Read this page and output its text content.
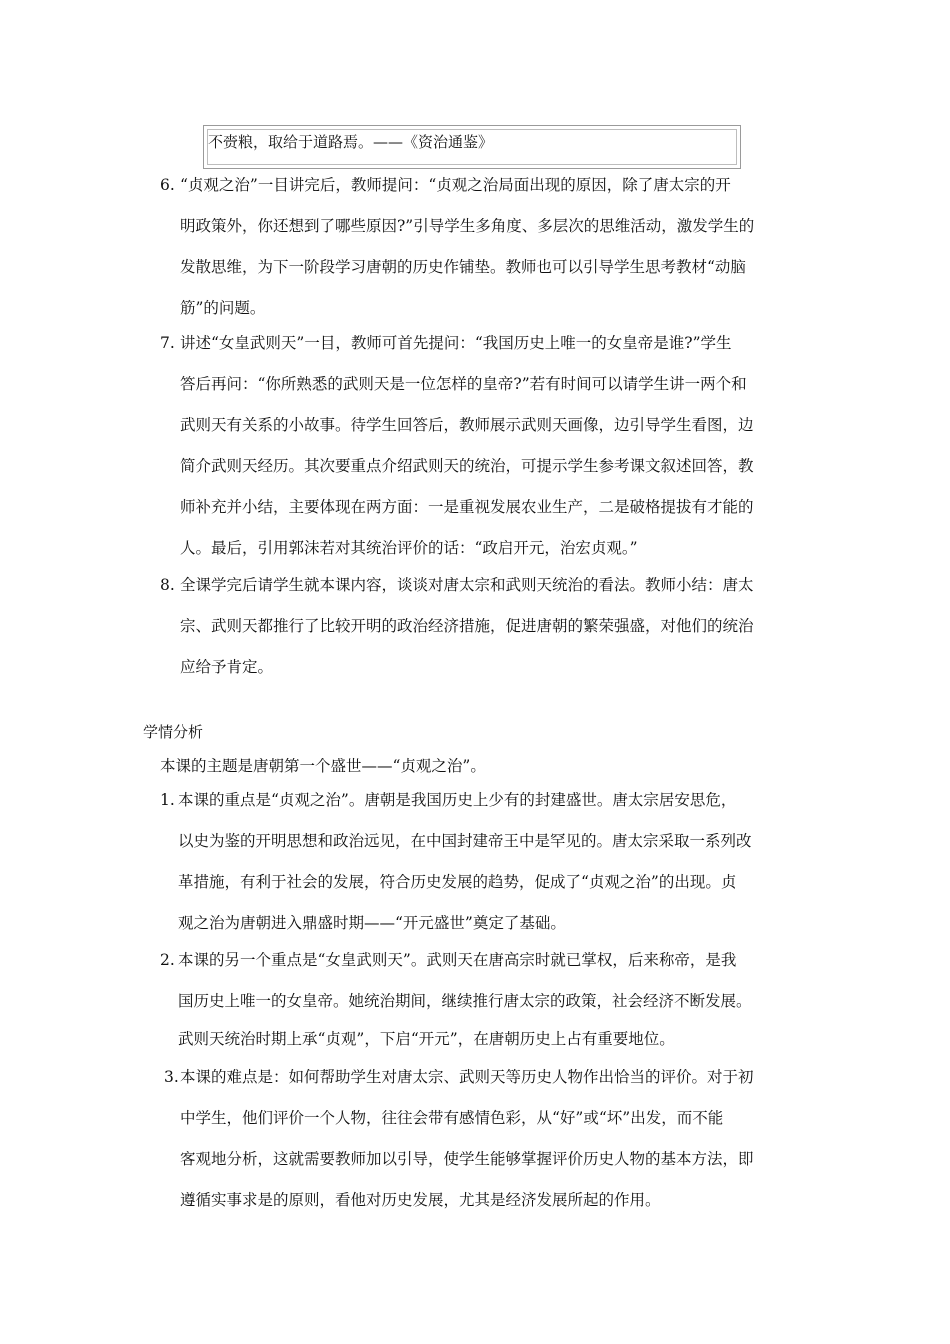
不赍粮，取给于道路焉。——《资治通鉴》
6. “贞观之治”一目讲完后，教师提问：“贞观之治局面出现的原因，除了唐太宗的开
明政策外，你还想到了哪些原因?”引导学生多角度、多层次的思维活动，激发学生的
发散思维，为下一阶段学习唐朝的历史作铺垫。教师也可以引导学生思考教材“动脑
筋”的问题。
7. 讲述“女皇武则天”一目，教师可首先提问：“我国历史上唯一的女皇帝是谁?”学生
答后再问：“你所熟悉的武则天是一位怎样的皇帝?”若有时间可以请学生讲一两个和
武则天有关系的小故事。待学生回答后，教师展示武则天画像，边引导学生看图，边
简介武则天经历。其次要重点介绍武则天的统治，可提示学生参考课文叙述回答，教
师补充并小结，主要体现在两方面：一是重视发展农业生产，二是破格提拔有才能的
人。最后，引用郭沫若对其统治评价的话：“政启开元，治宏贞观。”
8. 全课学完后请学生就本课内容，谈谈对唐太宗和武则天统治的看法。教师小结：唐太
宗、武则天都推行了比较开明的政治经济措施，促进唐朝的繁荣强盛，对他们的统治
应给予肯定。
学情分析
本课的主题是唐朝第一个盛世——“贞观之治”。
1. 本课的重点是“贞观之治”。唐朝是我国历史上少有的封建盛世。唐太宗居安思危，
以史为鉴的开明思想和政治远见，在中国封建帝王中是罕见的。唐太宗采取一系列改
革措施，有利于社会的发展，符合历史发展的趋势，促成了“贞观之治”的出现。贞
观之治为唐朝进入鼎盛时期——“开元盛世”奠定了基础。
2. 本课的另一个重点是“女皇武则天”。武则天在唐高宗时就已掌权，后来称帝，是我
国历史上唯一的女皇帝。她统治期间，继续推行唐太宗的政策，社会经济不断发展。
武则天统治时期上承“贞观”，下启“开元”，在唐朝历史上占有重要地位。
3. 本课的难点是：如何帮助学生对唐太宗、武则天等历史人物作出恰当的评价。对于初
中学生，他们评价一个人物，往往会带有感情色彩，从“好”或“坏”出发，而不能
客观地分析，这就需要教师加以引导，使学生能够掌握评价历史人物的基本方法，即
遵循实事求是的原则，看他对历史发展，尤其是经济发展所起的作用。
